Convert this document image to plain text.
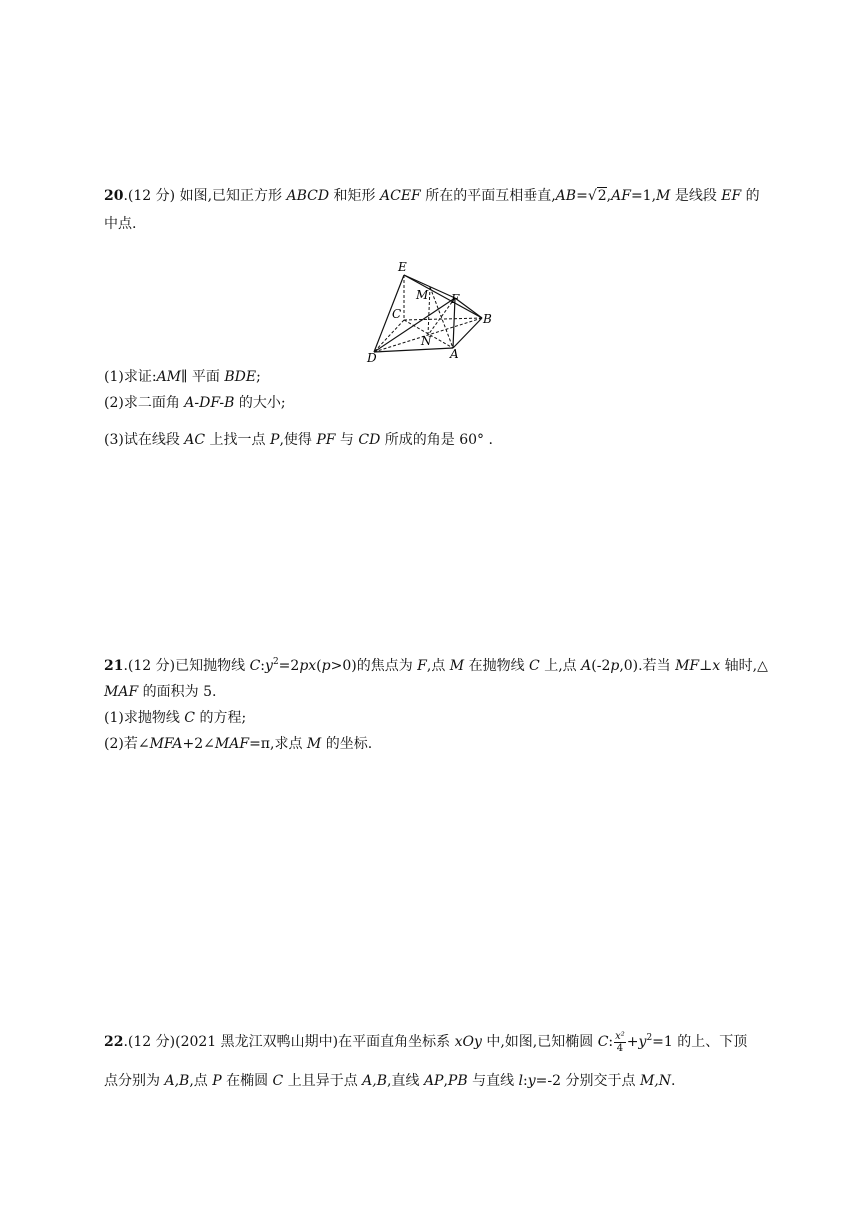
20.(12 分) 如图,已知正方形 ABCD 和矩形 ACEF 所在的平面互相垂直,AB=√2,AF=1,M 是线段 EF 的
中点.
E
M F
C	B
N
D	A
(1)求证:AM∥ 平面 BDE;
(2)求二面角 A-DF-B 的大小;
(3)试在线段 AC 上找一点 P,使得 PF 与 CD 所成的角是 60° .
21.(12 分)已知抛物线 $C:y^2=2px(p>0)$的焦点为 F,点 M 在抛物线 C 上,点 A(-2p,0).若当 MF⊥x 轴时,△
MAF 的面积为 5.
(1)求抛物线 C 的方程;
(2)若∠MFA+2∠MAF=π,求点 M 的坐标.
22.(12 分)(2021 黑龙江双鸭山期中)在平面直角坐标系 xOy 中,如图,已知椭圆 C: $\frac{\text{x²}}{4} +y^2=1$ 的上、下顶
点分别为 A,B,点 P 在椭圆 C 上且异于点 A,B,直线 AP,PB 与直线 l:y=-2 分别交于点 M,N.
